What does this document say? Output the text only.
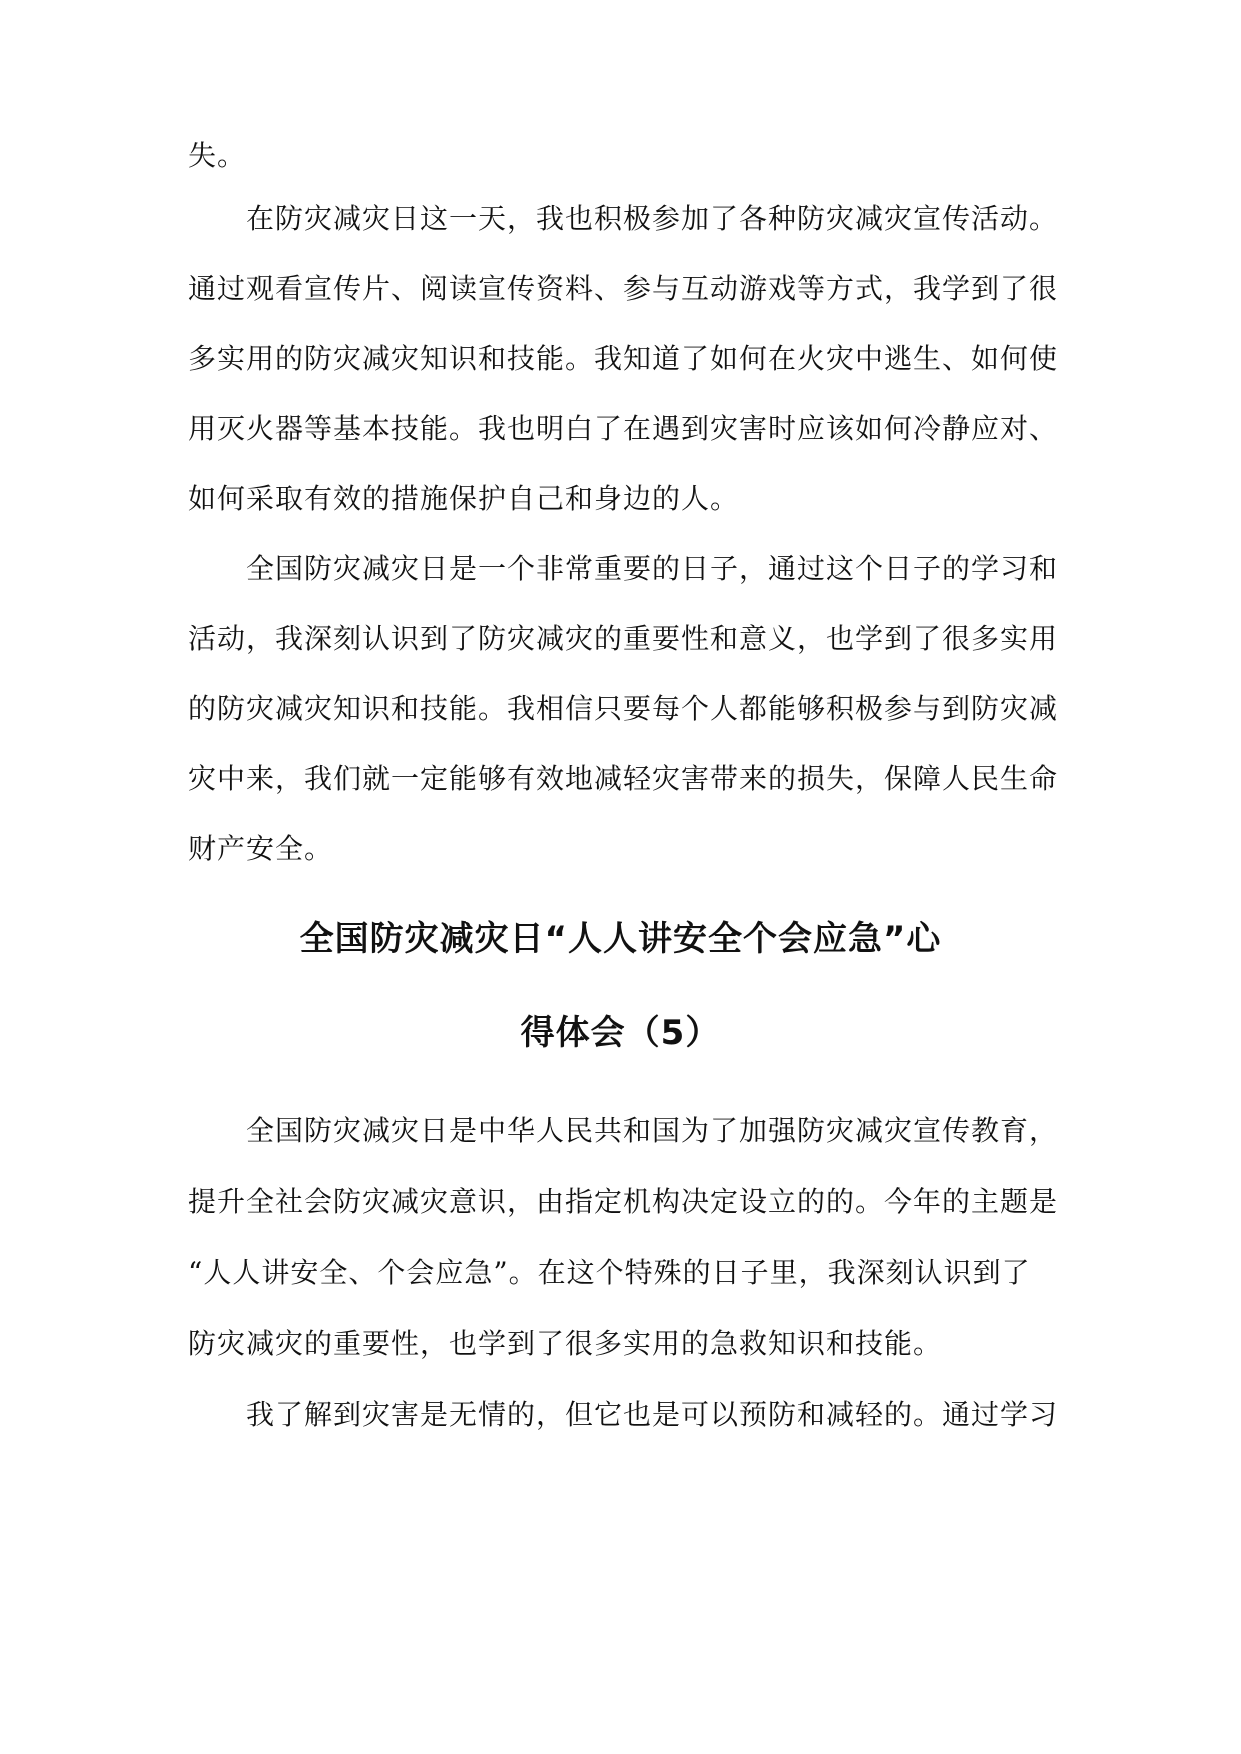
失。
在防灾减灾日这一天，我也积极参加了各种防灾减灾宣传活动。
通过观看宣传片、阅读宣传资料、参与互动游戏等方式，我学到了很
多实用的防灾减灾知识和技能。我知道了如何在火灾中逃生、如何使
用灭火器等基本技能。我也明白了在遇到灾害时应该如何冷静应对、
如何采取有效的措施保护自己和身边的人。
全国防灾减灾日是一个非常重要的日子，通过这个日子的学习和
活动，我深刻认识到了防灾减灾的重要性和意义，也学到了很多实用
的防灾减灾知识和技能。我相信只要每个人都能够积极参与到防灾减
灾中来，我们就一定能够有效地减轻灾害带来的损失，保障人民生命
财产安全。
全国防灾减灾日“人人讲安全个会应急”心
得体会（5）
全国防灾减灾日是中华人民共和国为了加强防灾减灾宣传教育，
提升全社会防灾减灾意识，由指定机构决定设立的的。今年的主题是
“人人讲安全、个会应急”。在这个特殊的日子里，我深刻认识到了
防灾减灾的重要性，也学到了很多实用的急救知识和技能。
我了解到灾害是无情的，但它也是可以预防和减轻的。通过学习
